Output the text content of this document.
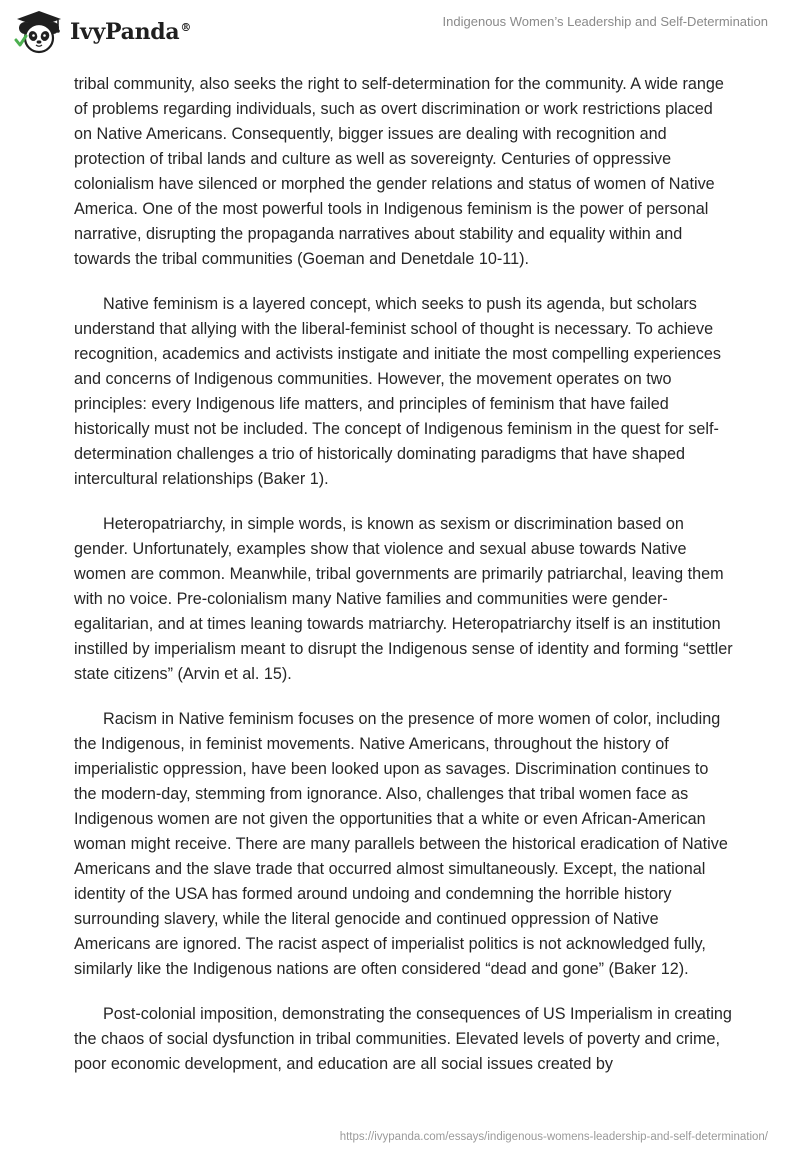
IvyPanda®	Indigenous Women’s Leadership and Self-Determination

tribal community, also seeks the right to self-determination for the community. A wide range of problems regarding individuals, such as overt discrimination or work restrictions placed on Native Americans. Consequently, bigger issues are dealing with recognition and protection of tribal lands and culture as well as sovereignty. Centuries of oppressive colonialism have silenced or morphed the gender relations and status of women of Native America. One of the most powerful tools in Indigenous feminism is the power of personal narrative, disrupting the propaganda narratives about stability and equality within and towards the tribal communities (Goeman and Denetdale 10-11).

Native feminism is a layered concept, which seeks to push its agenda, but scholars understand that allying with the liberal-feminist school of thought is necessary. To achieve recognition, academics and activists instigate and initiate the most compelling experiences and concerns of Indigenous communities. However, the movement operates on two principles: every Indigenous life matters, and principles of feminism that have failed historically must not be included. The concept of Indigenous feminism in the quest for self-determination challenges a trio of historically dominating paradigms that have shaped intercultural relationships (Baker 1).

Heteropatriarchy, in simple words, is known as sexism or discrimination based on gender. Unfortunately, examples show that violence and sexual abuse towards Native women are common. Meanwhile, tribal governments are primarily patriarchal, leaving them with no voice. Pre-colonialism many Native families and communities were gender-egalitarian, and at times leaning towards matriarchy. Heteropatriarchy itself is an institution instilled by imperialism meant to disrupt the Indigenous sense of identity and forming “settler state citizens” (Arvin et al. 15).

Racism in Native feminism focuses on the presence of more women of color, including the Indigenous, in feminist movements. Native Americans, throughout the history of imperialistic oppression, have been looked upon as savages. Discrimination continues to the modern-day, stemming from ignorance. Also, challenges that tribal women face as Indigenous women are not given the opportunities that a white or even African-American woman might receive. There are many parallels between the historical eradication of Native Americans and the slave trade that occurred almost simultaneously. Except, the national identity of the USA has formed around undoing and condemning the horrible history surrounding slavery, while the literal genocide and continued oppression of Native Americans are ignored. The racist aspect of imperialist politics is not acknowledged fully, similarly like the Indigenous nations are often considered “dead and gone” (Baker 12).

Post-colonial imposition, demonstrating the consequences of US Imperialism in creating the chaos of social dysfunction in tribal communities. Elevated levels of poverty and crime, poor economic development, and education are all social issues created by

https://ivypanda.com/essays/indigenous-womens-leadership-and-self-determination/
